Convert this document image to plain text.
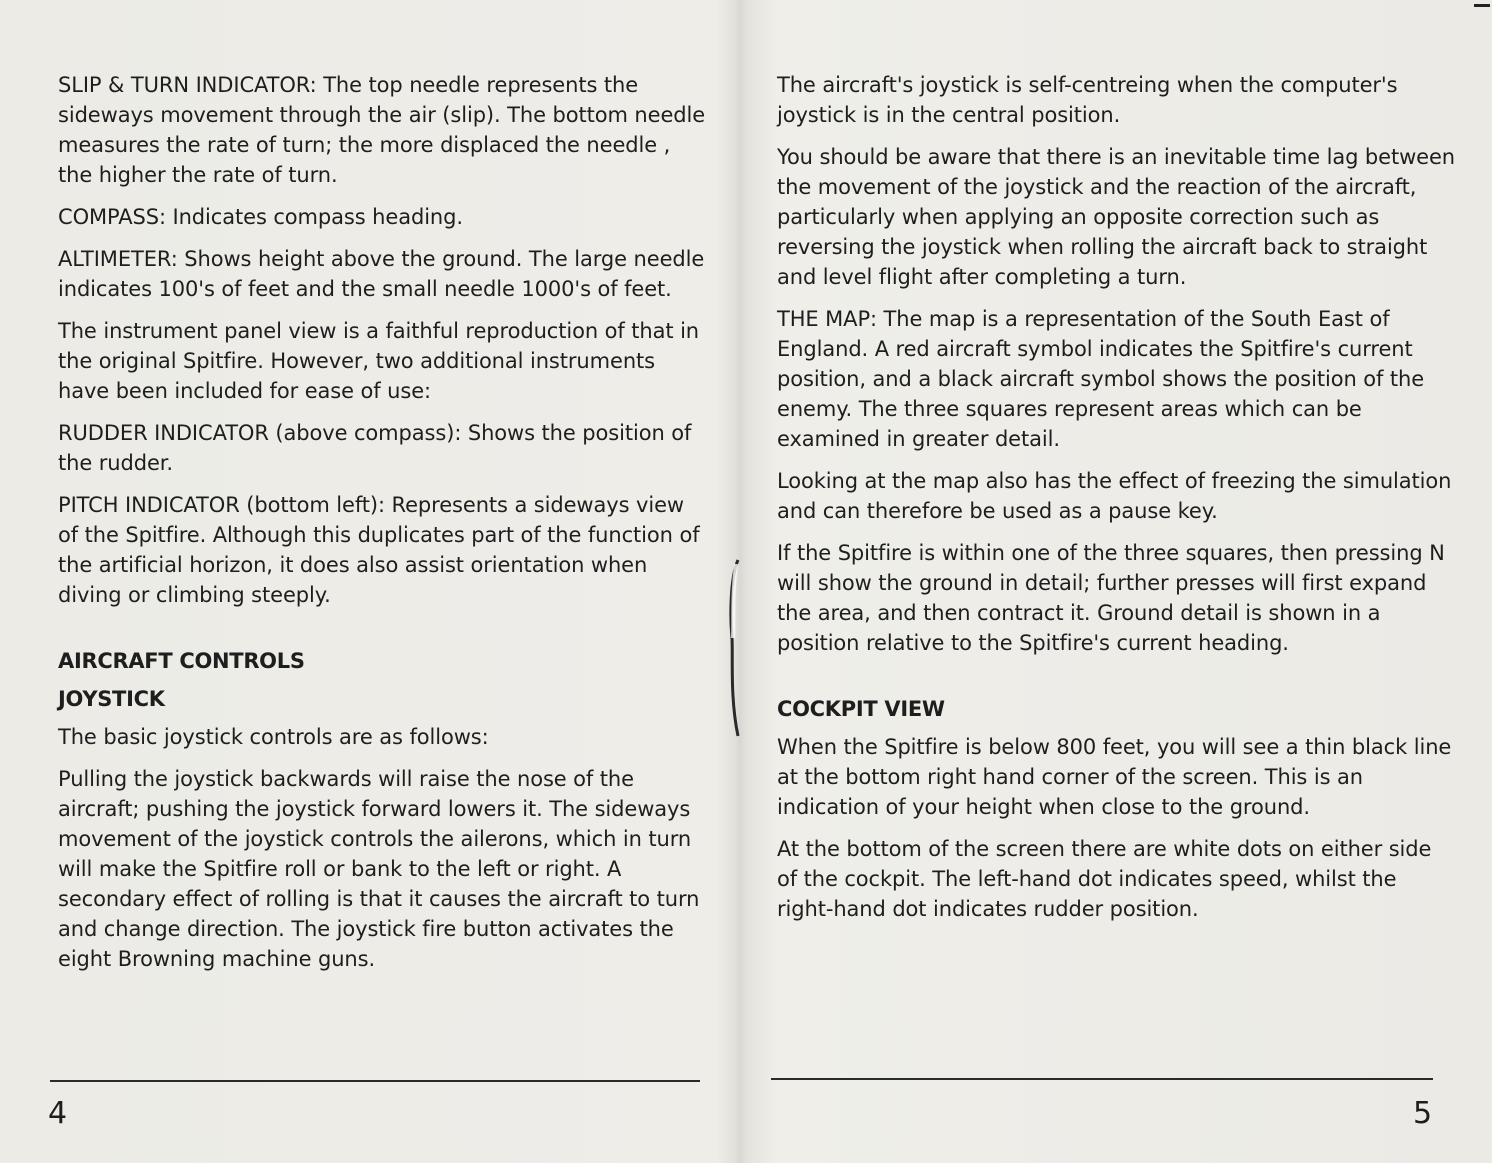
SLIP & TURN INDICATOR: The top needle represents the sideways movement through the air (slip). The bottom needle measures the rate of turn; the more displaced the needle , the higher the rate of turn.

COMPASS: Indicates compass heading.

ALTIMETER: Shows height above the ground. The large needle indicates 100's of feet and the small needle 1000's of feet.

The instrument panel view is a faithful reproduction of that in the original Spitfire. However, two additional instruments have been included for ease of use:

RUDDER INDICATOR (above compass): Shows the position of the rudder.

PITCH INDICATOR (bottom left): Represents a sideways view of the Spitfire. Although this duplicates part of the function of the artificial horizon, it does also assist orientation when diving or climbing steeply.

AIRCRAFT CONTROLS
JOYSTICK

The basic joystick controls are as follows:

Pulling the joystick backwards will raise the nose of the aircraft; pushing the joystick forward lowers it. The sideways movement of the joystick controls the ailerons, which in turn will make the Spitfire roll or bank to the left or right. A secondary effect of rolling is that it causes the aircraft to turn and change direction. The joystick fire button activates the eight Browning machine guns.

4

The aircraft's joystick is self-centreing when the computer's joystick is in the central position.

You should be aware that there is an inevitable time lag between the movement of the joystick and the reaction of the aircraft, particularly when applying an opposite correction such as reversing the joystick when rolling the aircraft back to straight and level flight after completing a turn.

THE MAP: The map is a representation of the South East of England. A red aircraft symbol indicates the Spitfire's current position, and a black aircraft symbol shows the position of the enemy. The three squares represent areas which can be examined in greater detail.

Looking at the map also has the effect of freezing the simulation and can therefore be used as a pause key.

If the Spitfire is within one of the three squares, then pressing N will show the ground in detail; further presses will first expand the area, and then contract it. Ground detail is shown in a position relative to the Spitfire's current heading.

COCKPIT VIEW

When the Spitfire is below 800 feet, you will see a thin black line at the bottom right hand corner of the screen. This is an indication of your height when close to the ground.

At the bottom of the screen there are white dots on either side of the cockpit. The left-hand dot indicates speed, whilst the right-hand dot indicates rudder position.

5
